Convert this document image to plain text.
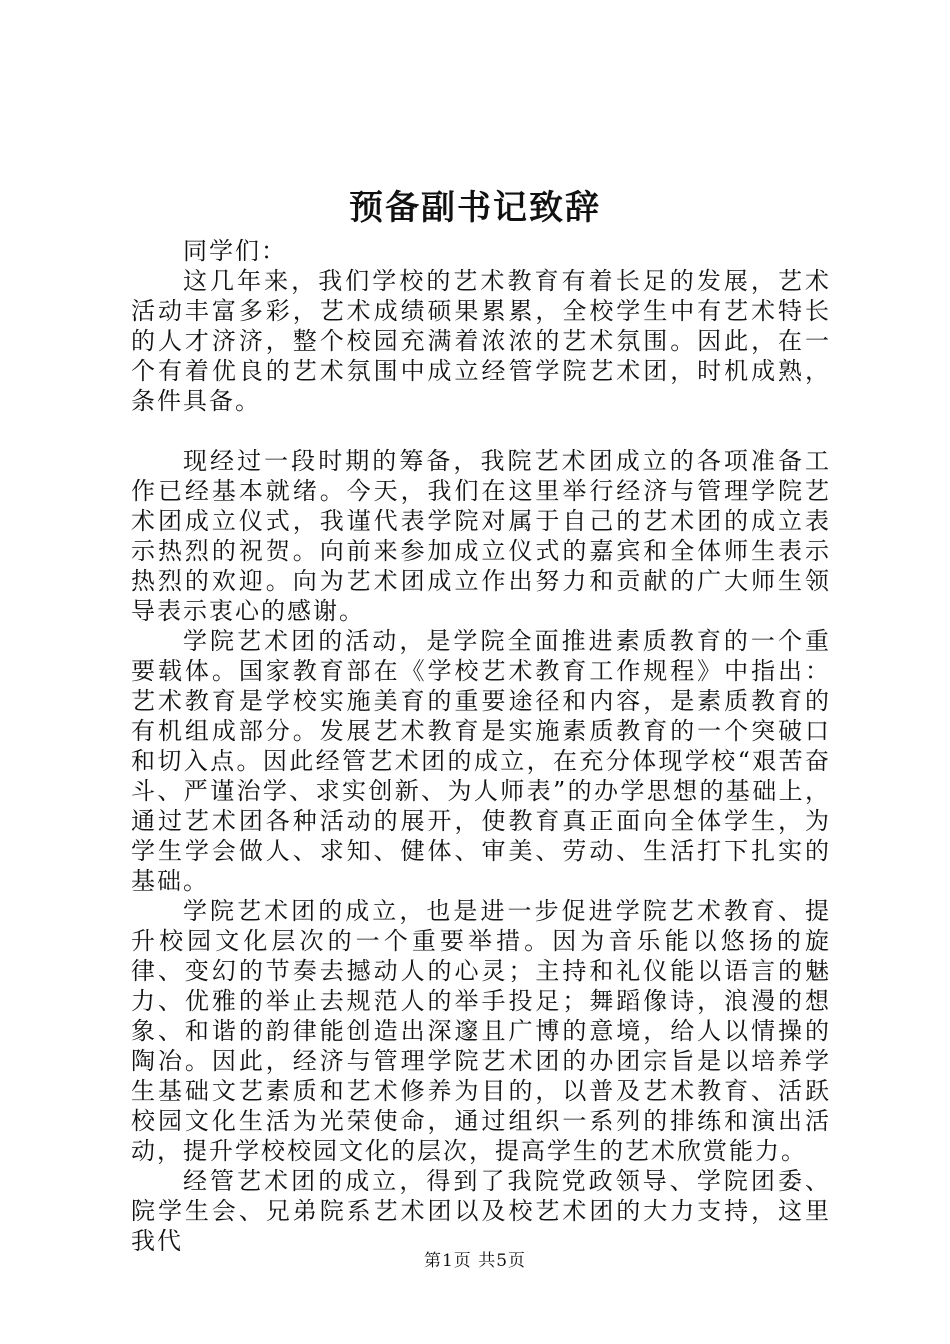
预备副书记致辞

同学们：

这几年来，我们学校的艺术教育有着长足的发展，艺术活动丰富多彩，艺术成绩硕果累累，全校学生中有艺术特长的人才济济，整个校园充满着浓浓的艺术氛围。因此，在一个有着优良的艺术氛围中成立经管学院艺术团，时机成熟，条件具备。

现经过一段时期的筹备，我院艺术团成立的各项准备工作已经基本就绪。今天，我们在这里举行经济与管理学院艺术团成立仪式，我谨代表学院对属于自己的艺术团的成立表示热烈的祝贺。向前来参加成立仪式的嘉宾和全体师生表示热烈的欢迎。向为艺术团成立作出努力和贡献的广大师生领导表示衷心的感谢。

学院艺术团的活动，是学院全面推进素质教育的一个重要载体。国家教育部在《学校艺术教育工作规程》中指出：艺术教育是学校实施美育的重要途径和内容，是素质教育的有机组成部分。发展艺术教育是实施素质教育的一个突破口和切入点。因此经管艺术团的成立，在充分体现学校“艰苦奋斗、严谨治学、求实创新、为人师表”的办学思想的基础上，通过艺术团各种活动的展开，使教育真正面向全体学生，为学生学会做人、求知、健体、审美、劳动、生活打下扎实的基础。

学院艺术团的成立，也是进一步促进学院艺术教育、提升校园文化层次的一个重要举措。因为音乐能以悠扬的旋律、变幻的节奏去撼动人的心灵；主持和礼仪能以语言的魅力、优雅的举止去规范人的举手投足；舞蹈像诗，浪漫的想象、和谐的韵律能创造出深邃且广博的意境，给人以情操的陶冶。因此，经济与管理学院艺术团的办团宗旨是以培养学生基础文艺素质和艺术修养为目的，以普及艺术教育、活跃校园文化生活为光荣使命，通过组织一系列的排练和演出活动，提升学校校园文化的层次，提高学生的艺术欣赏能力。

经管艺术团的成立，得到了我院党政领导、学院团委、院学生会、兄弟院系艺术团以及校艺术团的大力支持，这里我代

第1页 共5页
